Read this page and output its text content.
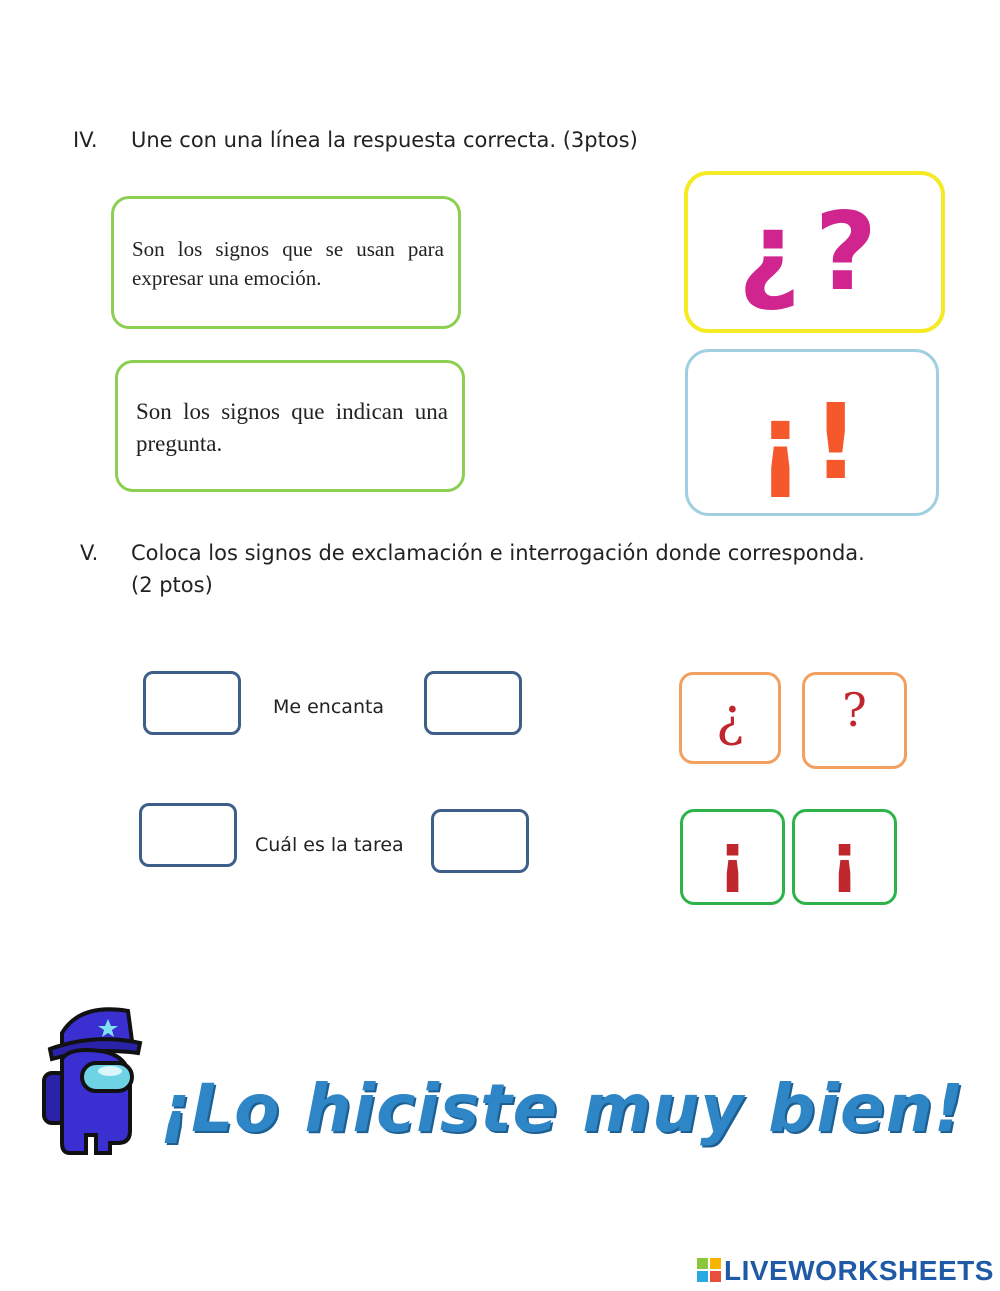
IV.	Une con una línea la respuesta correcta. (3ptos)
Son los signos que se usan para expresar una emoción.
Son los signos que indican una pregunta.
¿?
¡!
V.	Coloca los signos de exclamación e interrogación donde corresponda.
(2 ptos)
Me encanta
Cuál es la tarea
¿	?
¡	¡
¡Lo hiciste muy bien!
LIVEWORKSHEETS
